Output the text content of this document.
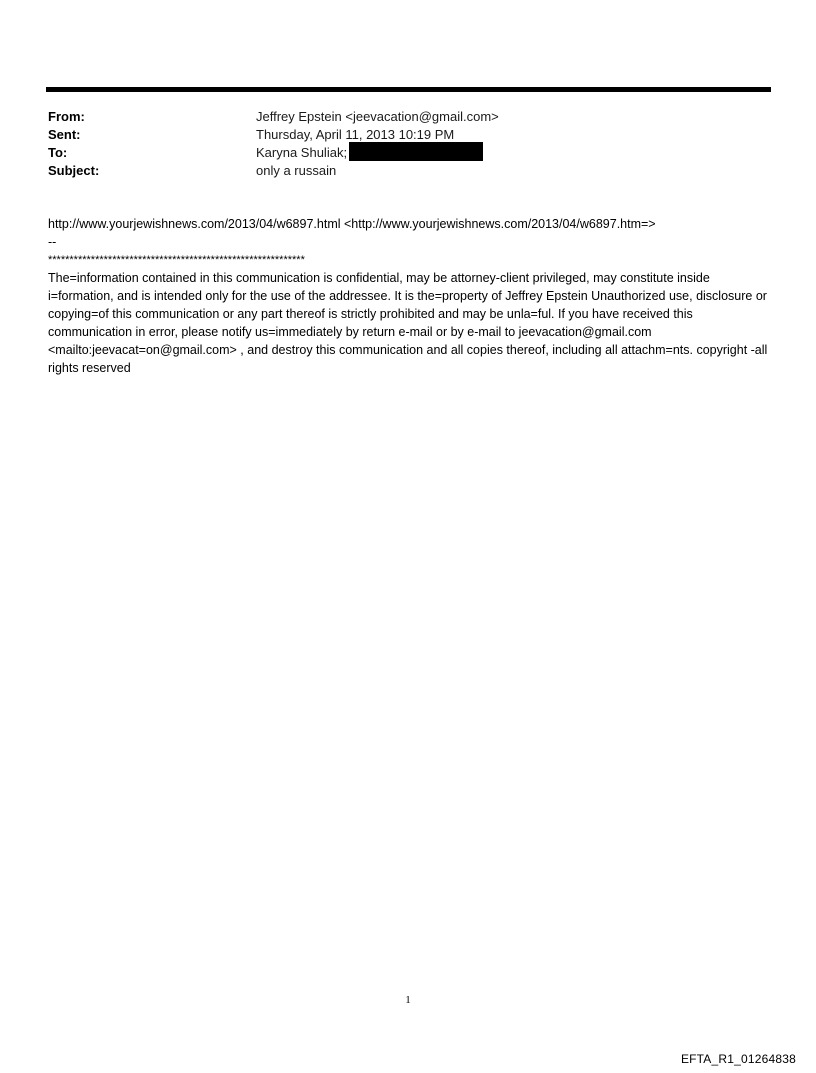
From:	Jeffrey Epstein <jeevacation@gmail.com>
Sent:	Thursday, April 11, 2013 10:19 PM
To:	Karyna Shuliak;
Subject:	only a russain
http://www.yourjewishnews.com/2013/04/w6897.html <http://www.yourjewishnews.com/2013/04/w6897.htm=>
--
************************************************************
The=information contained in this communication is confidential, may be attorney-client privileged, may constitute inside i=formation, and is intended only for the use of the addressee. It is the=property of Jeffrey Epstein Unauthorized use, disclosure or copying=of this communication or any part thereof is strictly prohibited and may be unla=ful. If you have received this communication in error, please notify us=immediately by return e-mail or by e-mail to jeevacation@gmail.com <mailto:jeevacat=on@gmail.com> , and destroy this communication and all copies thereof, including all attachm=nts. copyright -all rights reserved
1
EFTA_R1_01264838
